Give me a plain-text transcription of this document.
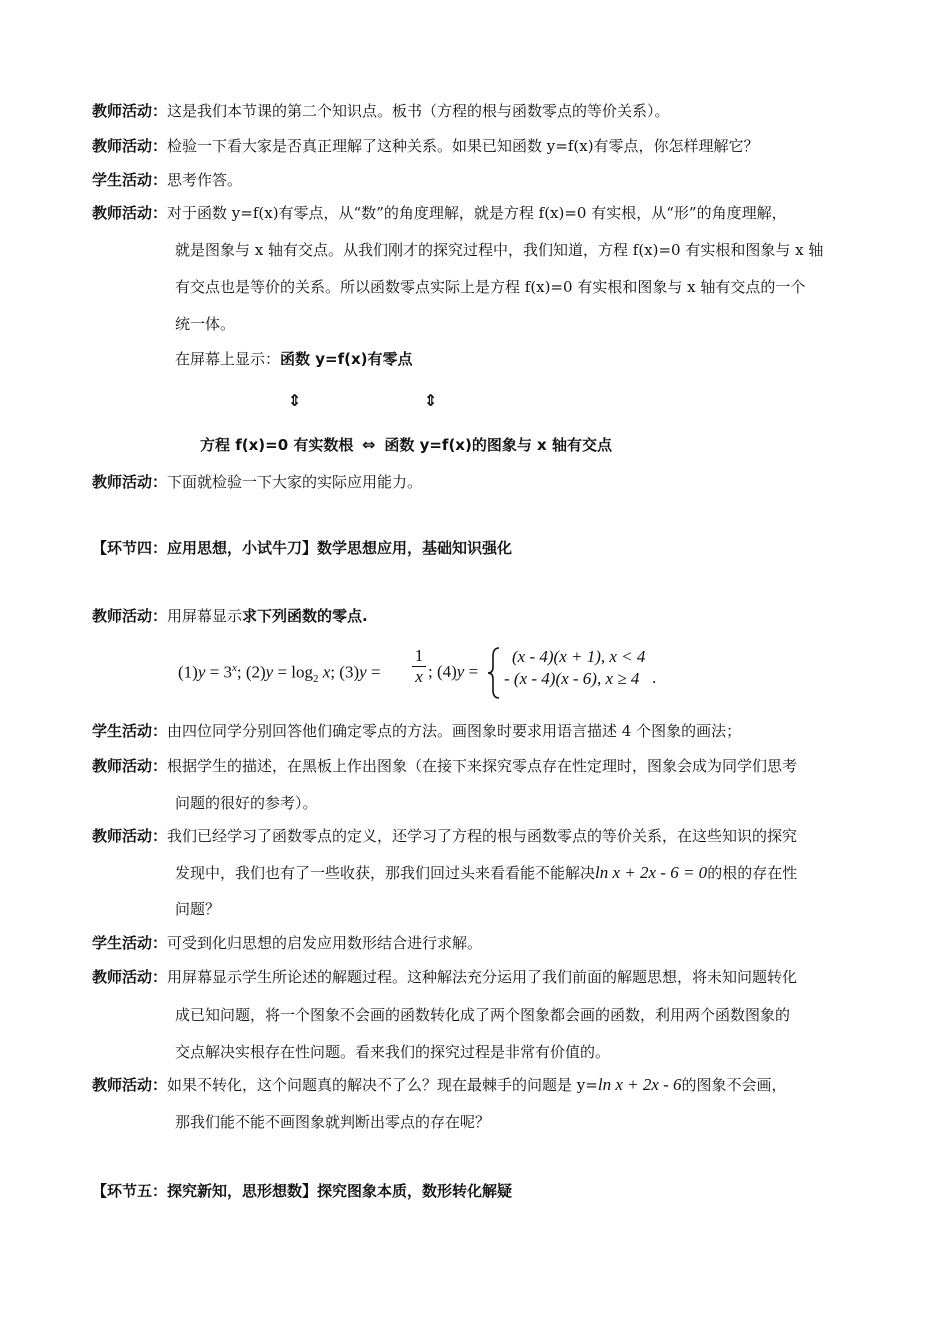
教师活动：这是我们本节课的第二个知识点。板书（方程的根与函数零点的等价关系）。
教师活动：检验一下看大家是否真正理解了这种关系。如果已知函数 y=f(x)有零点，你怎样理解它？
学生活动：思考作答。
教师活动：对于函数 y=f(x)有零点，从“数”的角度理解，就是方程 f(x)=0 有实根，从“形”的角度理解，
就是图象与 x 轴有交点。从我们刚才的探究过程中，我们知道，方程 f(x)=0 有实根和图象与 x 轴
有交点也是等价的关系。所以函数零点实际上是方程 f(x)=0 有实根和图象与 x 轴有交点的一个
统一体。
在屏幕上显示：函数 y=f(x)有零点
⇕	⇕
方程 f(x)=0 有实数根 ⇔ 函数 y=f(x)的图象与 x 轴有交点
教师活动：下面就检验一下大家的实际应用能力。
【环节四：应用思想，小试牛刀】数学思想应用，基础知识强化
教师活动：用屏幕显示求下列函数的零点.
$(1)y = 3^x$; $(2)y = \log_2 x$; (3)y =
1
x ; (4)y =
(x - 4)(x + 1), x < 4
- (x - 4)(x - 6), x ≥ 4 .
学生活动：由四位同学分别回答他们确定零点的方法。画图象时要求用语言描述 4 个图象的画法；
教师活动：根据学生的描述，在黑板上作出图象（在接下来探究零点存在性定理时，图象会成为同学们思考
问题的很好的参考）。
教师活动：我们已经学习了函数零点的定义，还学习了方程的根与函数零点的等价关系，在这些知识的探究
发现中，我们也有了一些收获，那我们回过头来看看能不能解决ln x + 2x - 6 = 0的根的存在性
问题？
学生活动：可受到化归思想的启发应用数形结合进行求解。
教师活动：用屏幕显示学生所论述的解题过程。这种解法充分运用了我们前面的解题思想，将未知问题转化
成已知问题，将一个图象不会画的函数转化成了两个图象都会画的函数，利用两个函数图象的
交点解决实根存在性问题。看来我们的探究过程是非常有价值的。
教师活动：如果不转化，这个问题真的解决不了么？现在最棘手的问题是 y=ln x + 2x - 6的图象不会画，
那我们能不能不画图象就判断出零点的存在呢？
【环节五：探究新知，思形想数】探究图象本质，数形转化解疑
